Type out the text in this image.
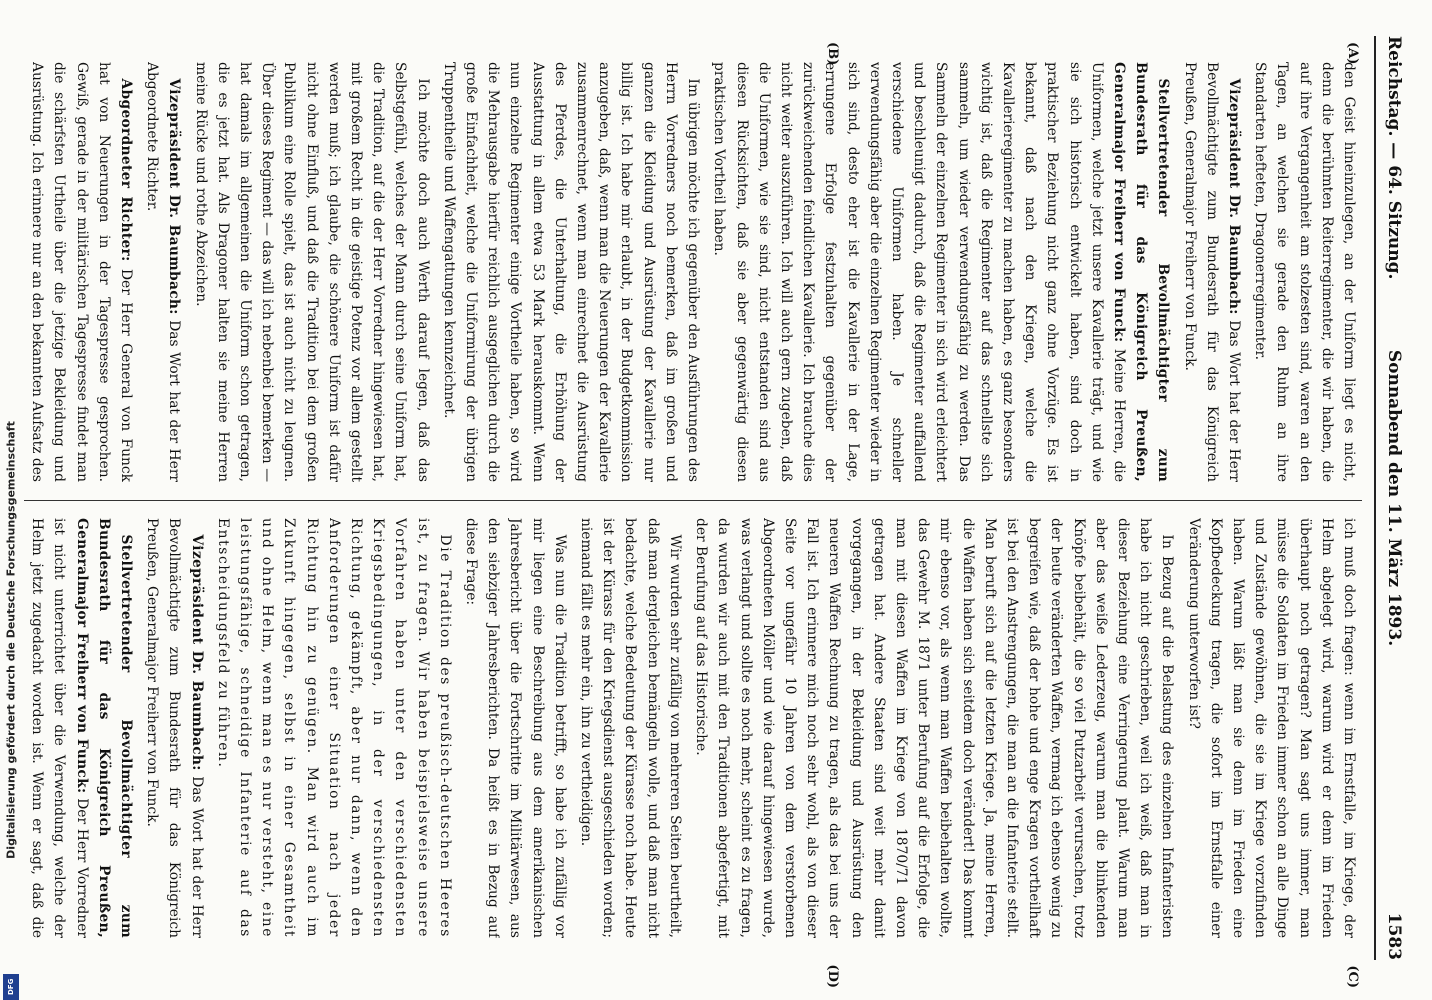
Reichstag. — 64. Sitzung.
Sonnabend den 11. März 1893.
1583
(A)
(B)
(C)
(D)

den Geist hineinzulegen, an der Uniform liegt es nicht, denn die berühmten Reiterregimenter, die wir haben, die auf ihre Vergangenheit am stolzesten sind, waren an den Tagen, an welchen sie gerade den Ruhm an ihre Standarten hefteten, Dragonerregimenter.

Vizepräsident Dr. Baumbach: Das Wort hat der Herr Bevollmächtigte zum Bundesrath für das Königreich Preußen, Generalmajor Freiherr von Funck.

Stellvertretender Bevollmächtigter zum Bundesrath für das Königreich Preußen, Generalmajor Freiherr von Funck: Meine Herren, die Uniformen, welche jetzt unsere Kavallerie trägt, und wie sie sich historisch entwickelt haben, sind doch in praktischer Beziehung nicht ganz ohne Vorzüge. Es ist bekannt, daß nach den Kriegen, welche die Kavallerieregimenter zu machen haben, es ganz besonders wichtig ist, daß die Regimenter auf das schnellste sich sammeln, um wieder verwendungsfähig zu werden. Das Sammeln der einzelnen Regimenter in sich wird erleichtert und beschleunigt dadurch, daß die Regimenter auffallend verschiedene Uniformen haben. Je schneller verwendungsfähig aber die einzelnen Regimenter wieder in sich sind, desto eher ist die Kavallerie in der Lage, errungene Erfolge festzuhalten gegenüber der zurückweichenden feindlichen Kavallerie. Ich brauche dies nicht weiter auszuführen. Ich will auch gern zugeben, daß die Uniformen, wie sie sind, nicht entstanden sind aus diesen Rücksichten, daß sie aber gegenwärtig diesen praktischen Vortheil haben.

Im übrigen möchte ich gegenüber den Ausführungen des Herrn Vorredners noch bemerken, daß im großen und ganzen die Kleidung und Ausrüstung der Kavallerie nur billig ist. Ich habe mir erlaubt, in der Budgetkommission anzugeben, daß, wenn man die Neuerungen der Kavallerie zusammenrechnet, wenn man einrechnet die Ausrüstung des Pferdes, die Unterhaltung, die Erhöhung der Ausstattung in allem etwa 53 Mark herauskommt. Wenn nun einzelne Regimenter einige Vortheile haben, so wird die Mehrausgabe hierfür reichlich ausgeglichen durch die große Einfachheit, welche die Uniformirung der übrigen Truppentheile und Waffengattungen kennzeichnet.

Ich möchte doch auch Werth darauf legen, daß das Selbstgefühl, welches der Mann durch seine Uniform hat, die Tradition, auf die der Herr Vorredner hingewiesen hat, mit großem Recht in die geistige Potenz vor allem gestellt werden muß; ich glaube, die schönere Uniform ist dafür nicht ohne Einfluß, und daß die Tradition bei dem großen Publikum eine Rolle spielt, das ist auch nicht zu leugnen. Über dieses Regiment — das will ich nebenbei bemerken — hat damals im allgemeinen die Uniform schon getragen, die es jetzt hat. Als Dragoner halten sie meine Herren meine Rücke und rothe Abzeichen.

Vizepräsident Dr. Baumbach: Das Wort hat der Herr Abgeordnete Richter.

Abgeordneter Richter: Der Herr General von Funck hat von Neuerungen in der Tagespresse gesprochen. Gewiß, gerade in der militärischen Tagespresse findet man die schärfsten Urtheile über die jetzige Bekleidung und Ausrüstung. Ich erinnere nur an den bekannten Aufsatz des

ich muß doch fragen: wenn im Ernstfalle, im Kriege, der Helm abgelegt wird, warum wird er denn im Frieden überhaupt noch getragen? Man sagt uns immer, man müsse die Soldaten im Frieden immer schon an alle Dinge und Zustände gewöhnen, die sie im Kriege vorzufinden haben. Warum läßt man sie denn im Frieden eine Kopfbedeckung tragen, die sofort im Ernstfalle einer Veränderung unterworfen ist?

In Bezug auf die Belastung des einzelnen Infanteristen habe ich nicht geschrieben, weil ich weiß, daß man in dieser Beziehung eine Verringerung plant. Warum man aber das weiße Lederzeug, warum man die blinkenden Knöpfe beibehält, die so viel Putzarbeit verursachen, trotz der heute veränderten Waffen, vermag ich ebenso wenig zu begreifen wie, daß der hohe und enge Kragen vortheilhaft ist bei den Anstrengungen, die man an die Infanterie stellt. Man beruft sich auf die letzten Kriege. Ja, meine Herren, die Waffen haben sich seitdem doch verändert! Das kommt mir ebenso vor, als wenn man Waffen beibehalten wollte, das Gewehr M. 1871 unter Berufung auf die Erfolge, die man mit diesen Waffen im Kriege von 1870/71 davon getragen hat. Andere Staaten sind weit mehr damit vorgegangen, in der Bekleidung und Ausrüstung den neueren Waffen Rechnung zu tragen, als das bei uns der Fall ist. Ich erinnere mich noch sehr wohl, als von dieser Seite vor ungefähr 10 Jahren von dem verstorbenen Abgeordneten Möller und wie darauf hingewiesen wurde, was verlangt und sollte es noch mehr, scheint es zu fragen, da wurden wir auch mit den Traditionen abgefertigt, mit der Berufung auf das Historische.

Wir wurden sehr zufällig von mehreren Seiten beurtheilt, daß man dergleichen bemängeln wolle, und daß man nicht bedachte, welche Bedeutung der Kürasse noch habe. Heute ist der Kürass für den Kriegsdienst ausgeschieden worden; niemand fällt es mehr ein, ihn zu vertheidigen.

Was nun die Tradition betrifft, so habe ich zufällig vor mir liegen eine Beschreibung aus dem amerikanischen Jahresbericht über die Fortschritte im Militärwesen, aus den siebziger Jahresberichten. Da heißt es in Bezug auf diese Frage:

Die Tradition des preußisch-deutschen Heeres ist, zu fragen. Wir haben beispielsweise unsere Vorfahren haben unter den verschiedensten Kriegsbedingungen, in der verschiedensten Richtung, gekämpft, aber nur dann, wenn den Anforderungen einer Situation nach jeder Richtung hin zu genügen. Man wird auch im Zukunft hingegen, selbst in einer Gesamtheit und ohne Helm, wenn man es nur versteht, eine leistungsfähige, schneidige Infanterie auf das Entscheidungsfeld zu führen.

Vizepräsident Dr. Baumbach: Das Wort hat der Herr Bevollmächtigte zum Bundesrath für das Königreich Preußen, Generalmajor Freiherr von Funck.

Stellvertretender Bevollmächtigter zum Bundesrath für das Königreich Preußen, Generalmajor Freiherr von Funck: Der Herr Vorredner ist nicht unterrichtet über die Verwendung, welche der Helm jetzt zugedacht worden ist. Wenn er sagt, daß die

Digitalisierung gefördert durch die Deutsche Forschungsgemeinschaft
DFG
